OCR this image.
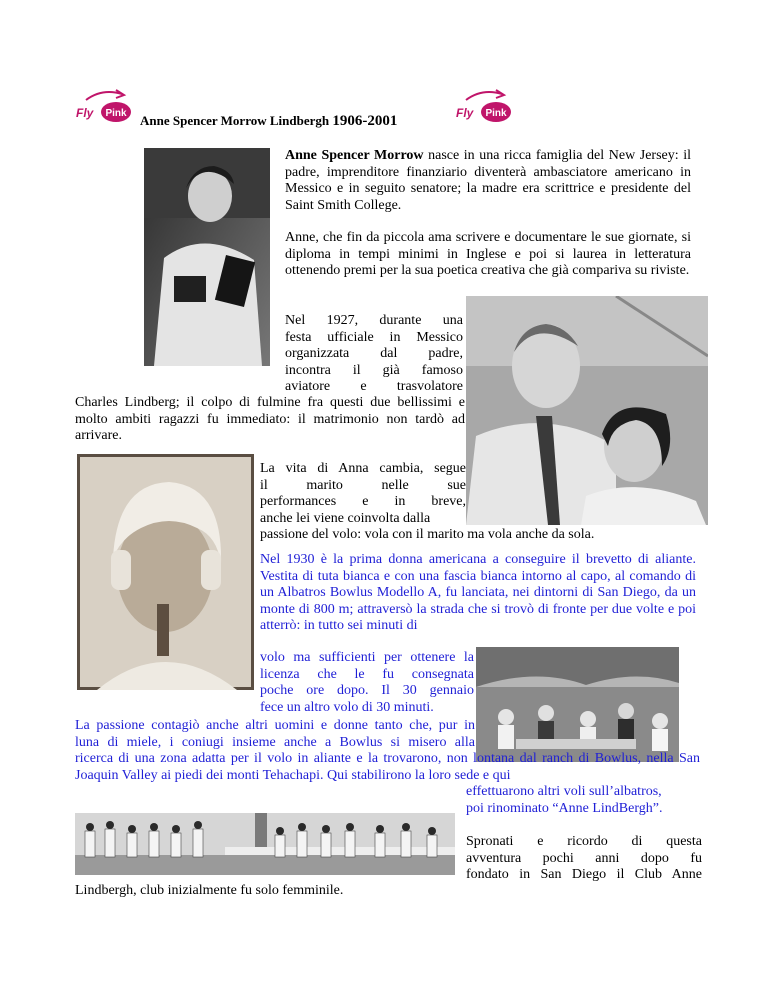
Pink
Fly	Pink
Fly
Anne Spencer Morrow Lindbergh 1906-2001

Anne Spencer Morrow nasce in una ricca famiglia del New Jersey: il padre, imprenditore finanziario diventerà ambasciatore americano in Messico e in seguito senatore; la madre era scrittrice e presidente del Saint Smith College.

Anne, che fin da piccola ama scrivere e documentare le sue giornate, si diploma in tempi minimi in Inglese e poi si laurea in letteratura ottenendo premi per la sua poetica creativa che già compariva su riviste.

Nel 1927, durante una
festa ufficiale in Messico
organizzata dal padre,
incontra il già famoso
aviatore e trasvolatore

Charles Lindberg; il colpo di fulmine fra questi due bellissimi e molto ambiti ragazzi fu immediato: il matrimonio non tardò ad arrivare.

La vita di Anna cambia, segue
il marito nelle sue
performances e in breve,
anche lei viene coinvolta dalla

passione del volo: vola con il marito ma vola anche da sola.

Nel 1930 è la prima donna americana a conseguire il brevetto di aliante. Vestita di tuta bianca e con una fascia bianca intorno al capo, al comando di un Albatros Bowlus Modello A, fu lanciata, nei dintorni di San Diego, da un monte di 800 m; attraversò la strada che si trovò di fronte per due volte e poi atterrò: in tutto sei minuti di

volo ma sufficienti per ottenere la
licenza che le fu consegnata
poche ore dopo. Il 30 gennaio
fece un altro volo di 30 minuti.
La passione contagiò anche altri uomini e donne tanto che, pur in
luna di miele, i coniugi insieme anche a Bowlus si misero alla

ricerca di una zona adatta per il volo in aliante e la trovarono, non lontana dal ranch di Bowlus, nella San Joaquin Valley ai piedi dei monti Tehachapi. Qui stabilirono la loro sede e qui

effettuarono altri voli sull’albatros,
poi rinominato “Anne LindBergh”.
Spronati e ricordo di questa
avventura pochi anni dopo fu
fondato in San Diego il Club Anne

Lindbergh, club inizialmente fu solo femminile.
